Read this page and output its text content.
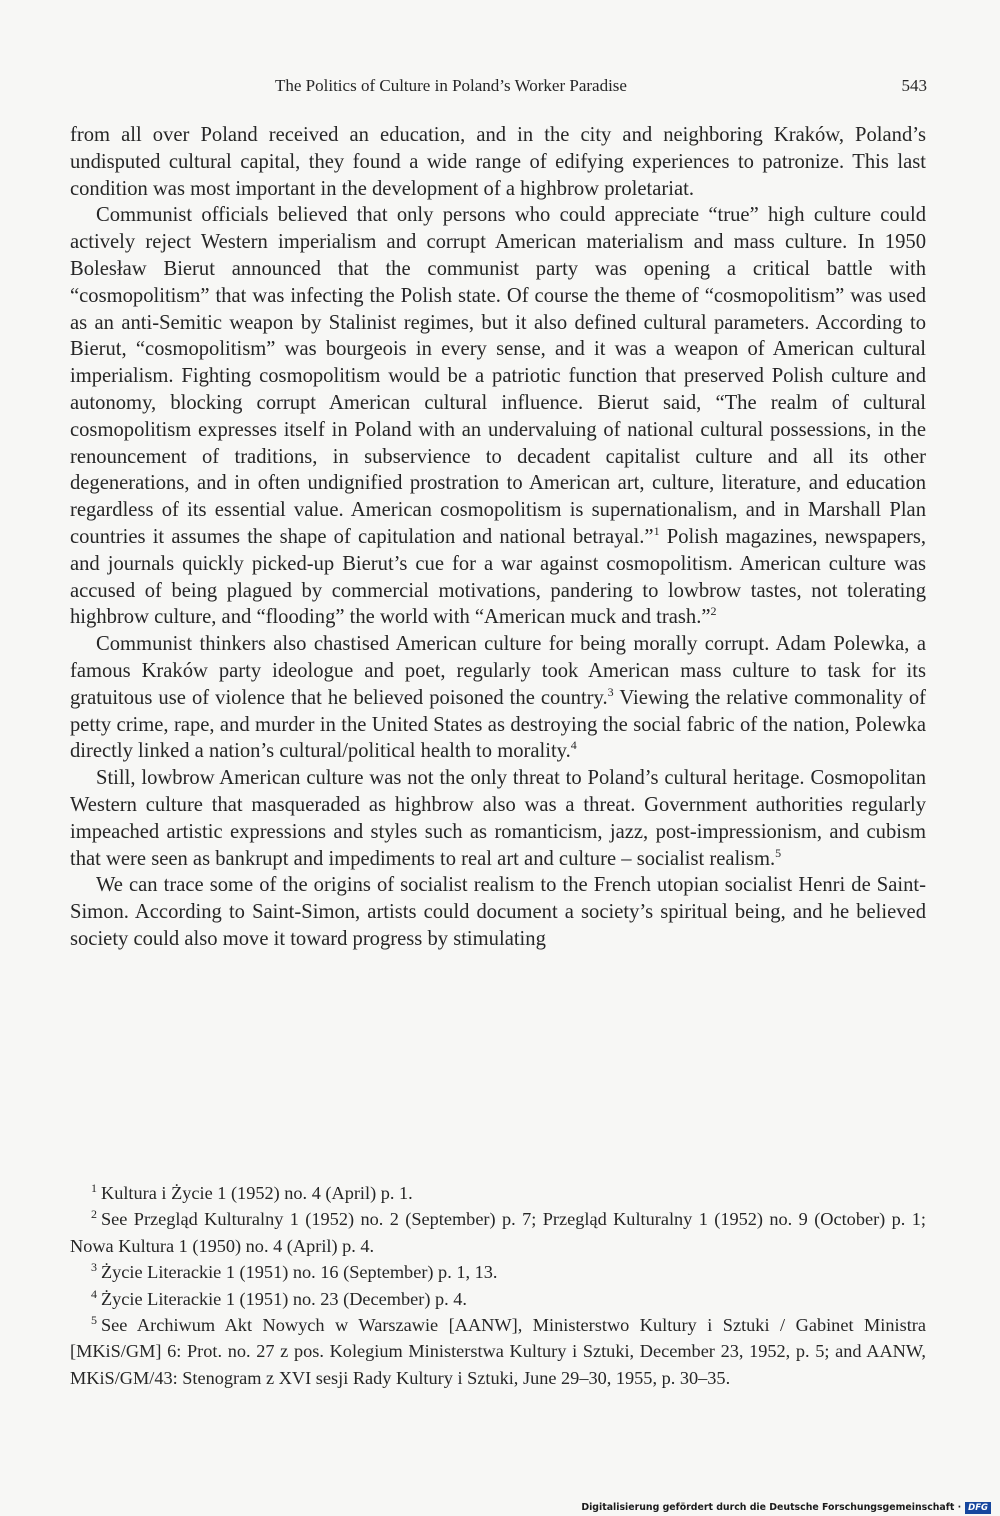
The Politics of Culture in Poland’s Worker Paradise	543

from all over Poland received an education, and in the city and neighboring Kraków, Poland’s undisputed cultural capital, they found a wide range of edifying experiences to patronize. This last condition was most important in the development of a highbrow proletariat.

Communist officials believed that only persons who could appreciate “true” high culture could actively reject Western imperialism and corrupt American materialism and mass culture. In 1950 Bolesław Bierut announced that the communist party was opening a critical battle with “cosmopolitism” that was infecting the Polish state. Of course the theme of “cosmopolitism” was used as an anti-Semitic weapon by Stalinist regimes, but it also defined cultural parameters. According to Bierut, “cosmopolitism” was bourgeois in every sense, and it was a weapon of American cultural imperialism. Fighting cosmopolitism would be a patriotic function that preserved Polish culture and autonomy, blocking corrupt American cultural influence. Bierut said, “The realm of cultural cosmopolitism expresses itself in Poland with an undervaluing of national cultural possessions, in the renouncement of traditions, in subservience to decadent capitalist culture and all its other degenerations, and in often undignified prostration to American art, culture, literature, and education regardless of its essential value. American cosmopolitism is supernationalism, and in Marshall Plan countries it assumes the shape of capitulation and national betrayal.”$^1$ Polish magazines, newspapers, and journals quickly picked-up Bierut’s cue for a war against cosmopolitism. American culture was accused of being plagued by commercial motivations, pandering to lowbrow tastes, not tolerating highbrow culture, and “flooding” the world with “American muck and trash.”$^2$

Communist thinkers also chastised American culture for being morally corrupt. Adam Polewka, a famous Kraków party ideologue and poet, regularly took American mass culture to task for its gratuitous use of violence that he believed poisoned the country.$^3$ Viewing the relative commonality of petty crime, rape, and murder in the United States as destroying the social fabric of the nation, Polewka directly linked a nation’s cultural/political health to morality.$^4$

Still, lowbrow American culture was not the only threat to Poland’s cultural heritage. Cosmopolitan Western culture that masqueraded as highbrow also was a threat. Government authorities regularly impeached artistic expressions and styles such as romanticism, jazz, post-impressionism, and cubism that were seen as bankrupt and impediments to real art and culture – socialist realism.$^5$

We can trace some of the origins of socialist realism to the French utopian socialist Henri de Saint-Simon. According to Saint-Simon, artists could document a society’s spiritual being, and he believed society could also move it toward progress by stimulating

$^1$ Kultura i Życie 1 (1952) no. 4 (April) p. 1.

$^2$ See Przegląd Kulturalny 1 (1952) no. 2 (September) p. 7; Przegląd Kulturalny 1 (1952) no. 9 (October) p. 1; Nowa Kultura 1 (1950) no. 4 (April) p. 4.

$^3$ Życie Literackie 1 (1951) no. 16 (September) p. 1, 13.

$^4$ Życie Literackie 1 (1951) no. 23 (December) p. 4.

$^5$ See Archiwum Akt Nowych w Warszawie [AANW], Ministerstwo Kultury i Sztuki / Gabinet Ministra [MKiS/GM] 6: Prot. no. 27 z pos. Kolegium Ministerstwa Kultury i Sztuki, December 23, 1952, p. 5; and AANW, MKiS/GM/43: Stenogram z XVI sesji Rady Kultury i Sztuki, June 29–30, 1955, p. 30–35.

Digitalisierung gefördert durch die Deutsche Forschungsgemeinschaft · DFG
